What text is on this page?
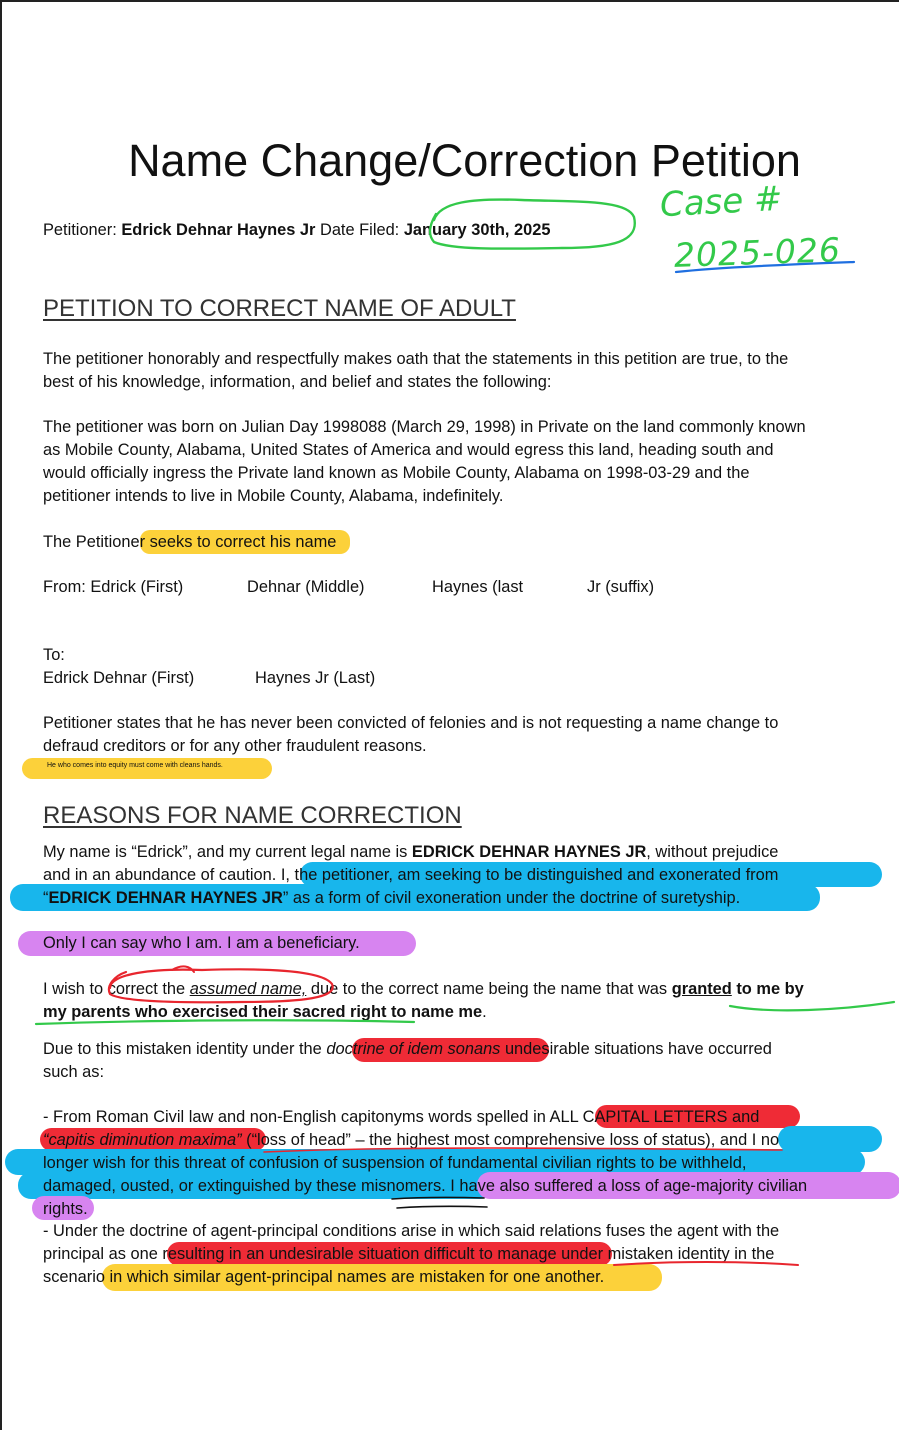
Name Change/Correction Petition
Petitioner: Edrick Dehnar Haynes Jr Date Filed: January 30th, 2025
PETITION TO CORRECT NAME OF ADULT
The petitioner honorably and respectfully makes oath that the statements in this petition are true, to the
best of his knowledge, information, and belief and states the following:
The petitioner was born on Julian Day 1998088 (March 29, 1998) in Private on the land commonly known
as Mobile County, Alabama, United States of America and would egress this land, heading south and
would officially ingress the Private land known as Mobile County, Alabama on 1998-03-29 and the
petitioner intends to live in Mobile County, Alabama, indefinitely.
The Petitioner seeks to correct his name
From: Edrick (First)	Dehnar (Middle)	Haynes (last	Jr (suffix)
To:
Edrick Dehnar (First)	Haynes Jr (Last)
Petitioner states that he has never been convicted of felonies and is not requesting a name change to
defraud creditors or for any other fraudulent reasons.
He who comes into equity must come with cleans hands.
REASONS FOR NAME CORRECTION
My name is “Edrick”, and my current legal name is EDRICK DEHNAR HAYNES JR, without prejudice
and in an abundance of caution. I, the petitioner, am seeking to be distinguished and exonerated from
“EDRICK DEHNAR HAYNES JR” as a form of civil exoneration under the doctrine of suretyship.
Only I can say who I am. I am a beneficiary.
I wish to correct the assumed name, due to the correct name being the name that was granted to me by
my parents who exercised their sacred right to name me.
Due to this mistaken identity under the doctrine of idem sonans undesirable situations have occurred
such as:
- From Roman Civil law and non-English capitonyms words spelled in ALL CAPITAL LETTERS and
“capitis diminution maxima” (“loss of head” – the highest most comprehensive loss of status), and I no
longer wish for this threat of confusion of suspension of fundamental civilian rights to be withheld,
damaged, ousted, or extinguished by these misnomers. I have also suffered a loss of age-majority civilian
rights.
- Under the doctrine of agent-principal conditions arise in which said relations fuses the agent with the
principal as one resulting in an undesirable situation difficult to manage under mistaken identity in the
scenario in which similar agent-principal names are mistaken for one another.
Case #
2025-026
